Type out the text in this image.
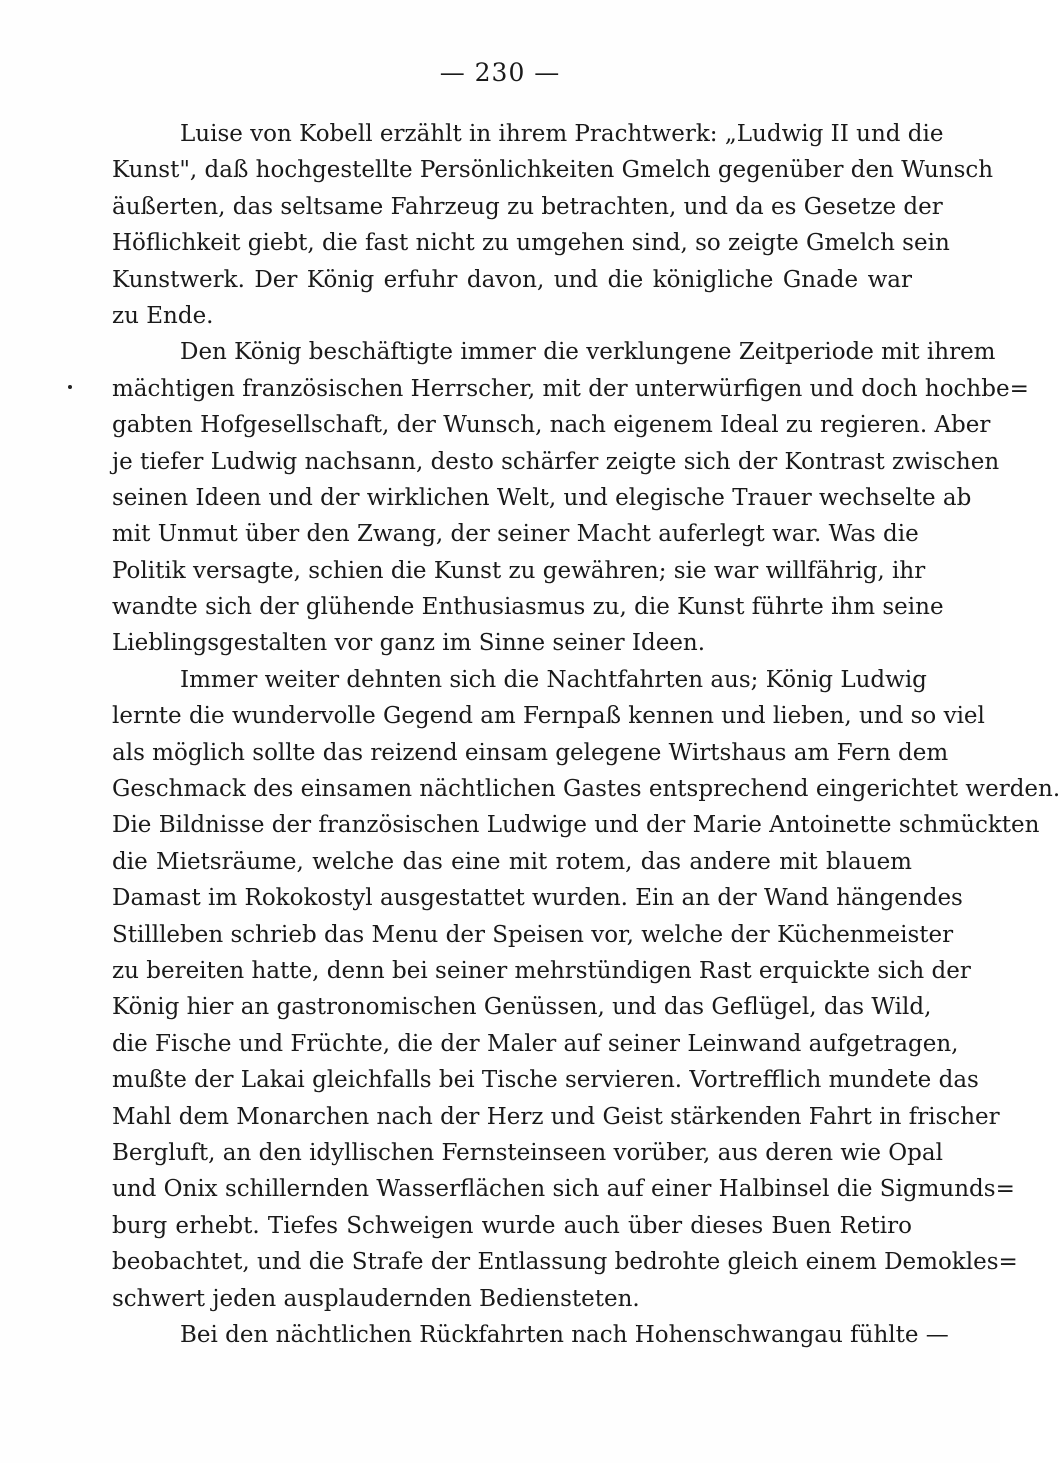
— 230 —
Luise von Kobell erzählt in ihrem Prachtwerk: „Ludwig II und die
Kunst", daß hochgestellte Persönlichkeiten Gmelch gegenüber den Wunsch
äußerten, das seltsame Fahrzeug zu betrachten, und da es Gesetze der
Höflichkeit giebt, die fast nicht zu umgehen sind, so zeigte Gmelch sein
Kunstwerk. Der König erfuhr davon, und die königliche Gnade war
zu Ende.
Den König beschäftigte immer die verklungene Zeitperiode mit ihrem
mächtigen französischen Herrscher, mit der unterwürfigen und doch hochbe=
gabten Hofgesellschaft, der Wunsch, nach eigenem Ideal zu regieren. Aber
je tiefer Ludwig nachsann, desto schärfer zeigte sich der Kontrast zwischen
seinen Ideen und der wirklichen Welt, und elegische Trauer wechselte ab
mit Unmut über den Zwang, der seiner Macht auferlegt war. Was die
Politik versagte, schien die Kunst zu gewähren; sie war willfährig, ihr
wandte sich der glühende Enthusiasmus zu, die Kunst führte ihm seine
Lieblingsgestalten vor ganz im Sinne seiner Ideen.
Immer weiter dehnten sich die Nachtfahrten aus; König Ludwig
lernte die wundervolle Gegend am Fernpaß kennen und lieben, und so viel
als möglich sollte das reizend einsam gelegene Wirtshaus am Fern dem
Geschmack des einsamen nächtlichen Gastes entsprechend eingerichtet werden.
Die Bildnisse der französischen Ludwige und der Marie Antoinette schmückten
die Mietsräume, welche das eine mit rotem, das andere mit blauem
Damast im Rokokostyl ausgestattet wurden. Ein an der Wand hängendes
Stillleben schrieb das Menu der Speisen vor, welche der Küchenmeister
zu bereiten hatte, denn bei seiner mehrstündigen Rast erquickte sich der
König hier an gastronomischen Genüssen, und das Geflügel, das Wild,
die Fische und Früchte, die der Maler auf seiner Leinwand aufgetragen,
mußte der Lakai gleichfalls bei Tische servieren. Vortrefflich mundete das
Mahl dem Monarchen nach der Herz und Geist stärkenden Fahrt in frischer
Bergluft, an den idyllischen Fernsteinseen vorüber, aus deren wie Opal
und Onix schillernden Wasserflächen sich auf einer Halbinsel die Sigmunds=
burg erhebt. Tiefes Schweigen wurde auch über dieses Buen Retiro
beobachtet, und die Strafe der Entlassung bedrohte gleich einem Demokles=
schwert jeden ausplaudernden Bediensteten.
Bei den nächtlichen Rückfahrten nach Hohenschwangau fühlte —
